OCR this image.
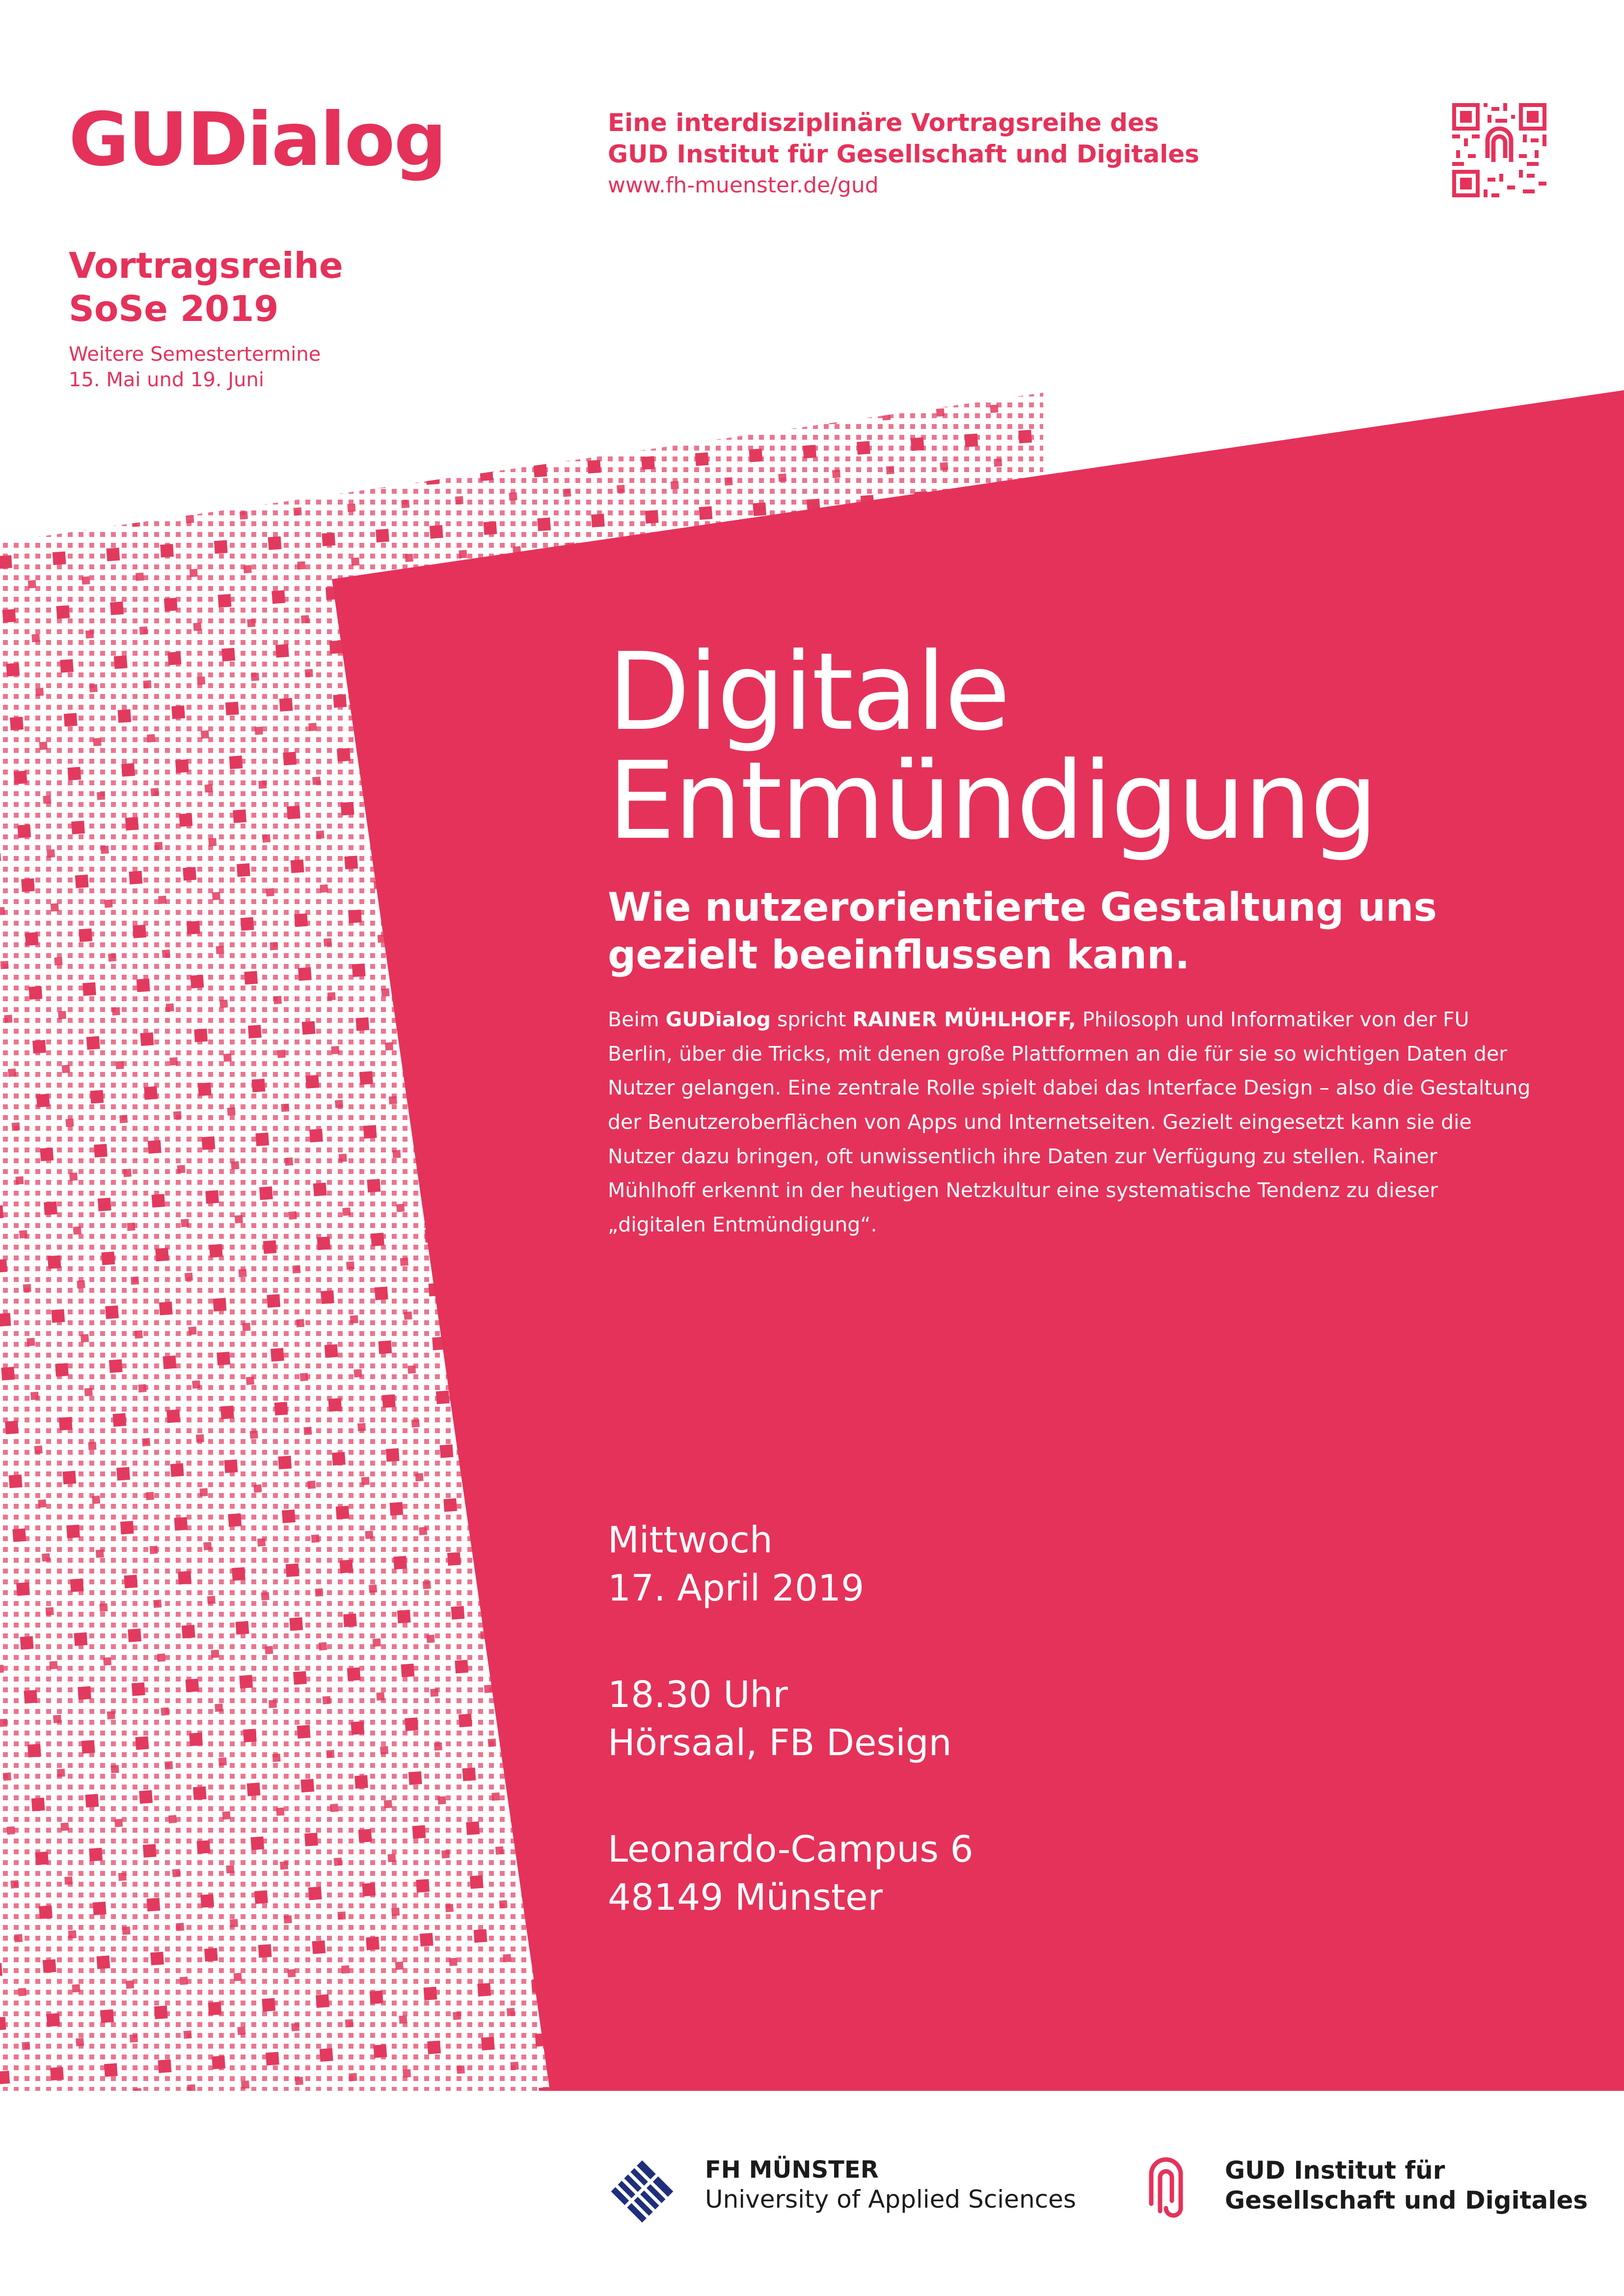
GUDialog	Eine interdisziplinäre Vortragsreihe des
GUD Institut für Gesellschaft und Digitales
www.fh-muenster.de/gud
Vortragsreihe
SoSe 2019
Weitere Semestertermine
15. Mai und 19. Juni
Digitale
Entmündigung
Wie nutzerorientierte Gestaltung uns gezielt beeinflussen kann.
Beim GUDialog spricht RAINER MÜHLHOFF, Philosoph und Informatiker von der FU Berlin, über die Tricks, mit denen große Plattformen an die für sie so wichtigen Daten der Nutzer gelangen. Eine zentrale Rolle spielt dabei das Interface Design – also die Gestaltung der Benutzeroberflächen von Apps und Internetseiten. Gezielt eingesetzt kann sie die Nutzer dazu bringen, oft unwissentlich ihre Daten zur Verfügung zu stellen. Rainer Mühlhoff erkennt in der heutigen Netzkultur eine systematische Tendenz zu dieser „digitalen Entmündigung“.
Mittwoch
17. April 2019
18.30 Uhr
Hörsaal, FB Design
Leonardo-Campus 6
48149 Münster
FH MÜNSTER
University of Applied Sciences
GUD Institut für
Gesellschaft und Digitales
